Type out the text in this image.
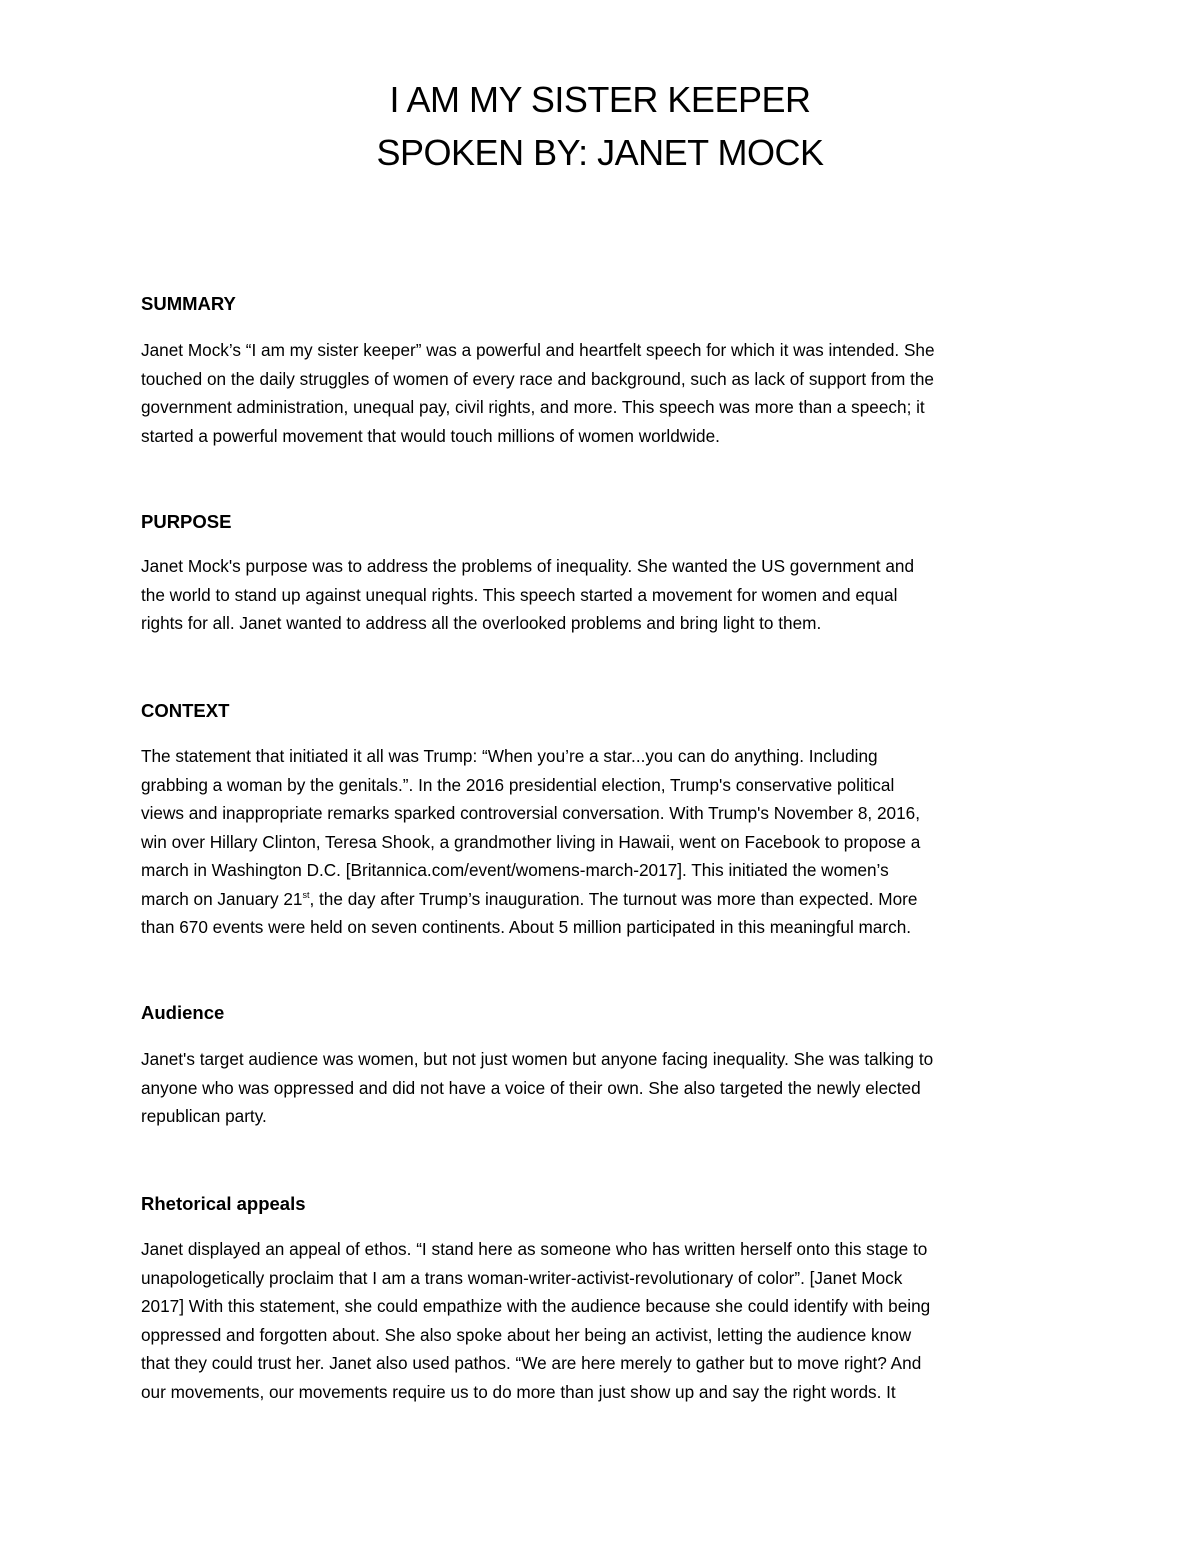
I AM MY SISTER KEEPER
SPOKEN BY: JANET MOCK
SUMMARY
Janet Mock’s “I am my sister keeper” was a powerful and heartfelt speech for which it was intended. She
touched on the daily struggles of women of every race and background, such as lack of support from the
government administration, unequal pay, civil rights, and more. This speech was more than a speech; it
started a powerful movement that would touch millions of women worldwide.
PURPOSE
Janet Mock's purpose was to address the problems of inequality. She wanted the US government and
the world to stand up against unequal rights. This speech started a movement for women and equal
rights for all. Janet wanted to address all the overlooked problems and bring light to them.
CONTEXT
The statement that initiated it all was Trump: “When you’re a star...you can do anything. Including
grabbing a woman by the genitals.”. In the 2016 presidential election, Trump's conservative political
views and inappropriate remarks sparked controversial conversation. With Trump's November 8, 2016,
win over Hillary Clinton, Teresa Shook, a grandmother living in Hawaii, went on Facebook to propose a
march in Washington D.C. [Britannica.com/event/womens-march-2017]. This initiated the women’s
march on January 21st, the day after Trump’s inauguration. The turnout was more than expected. More
than 670 events were held on seven continents. About 5 million participated in this meaningful march.
Audience
Janet's target audience was women, but not just women but anyone facing inequality. She was talking to
anyone who was oppressed and did not have a voice of their own. She also targeted the newly elected
republican party.
Rhetorical appeals
Janet displayed an appeal of ethos. “I stand here as someone who has written herself onto this stage to
unapologetically proclaim that I am a trans woman-writer-activist-revolutionary of color”. [Janet Mock
2017] With this statement, she could empathize with the audience because she could identify with being
oppressed and forgotten about. She also spoke about her being an activist, letting the audience know
that they could trust her. Janet also used pathos. “We are here merely to gather but to move right? And
our movements, our movements require us to do more than just show up and say the right words. It
